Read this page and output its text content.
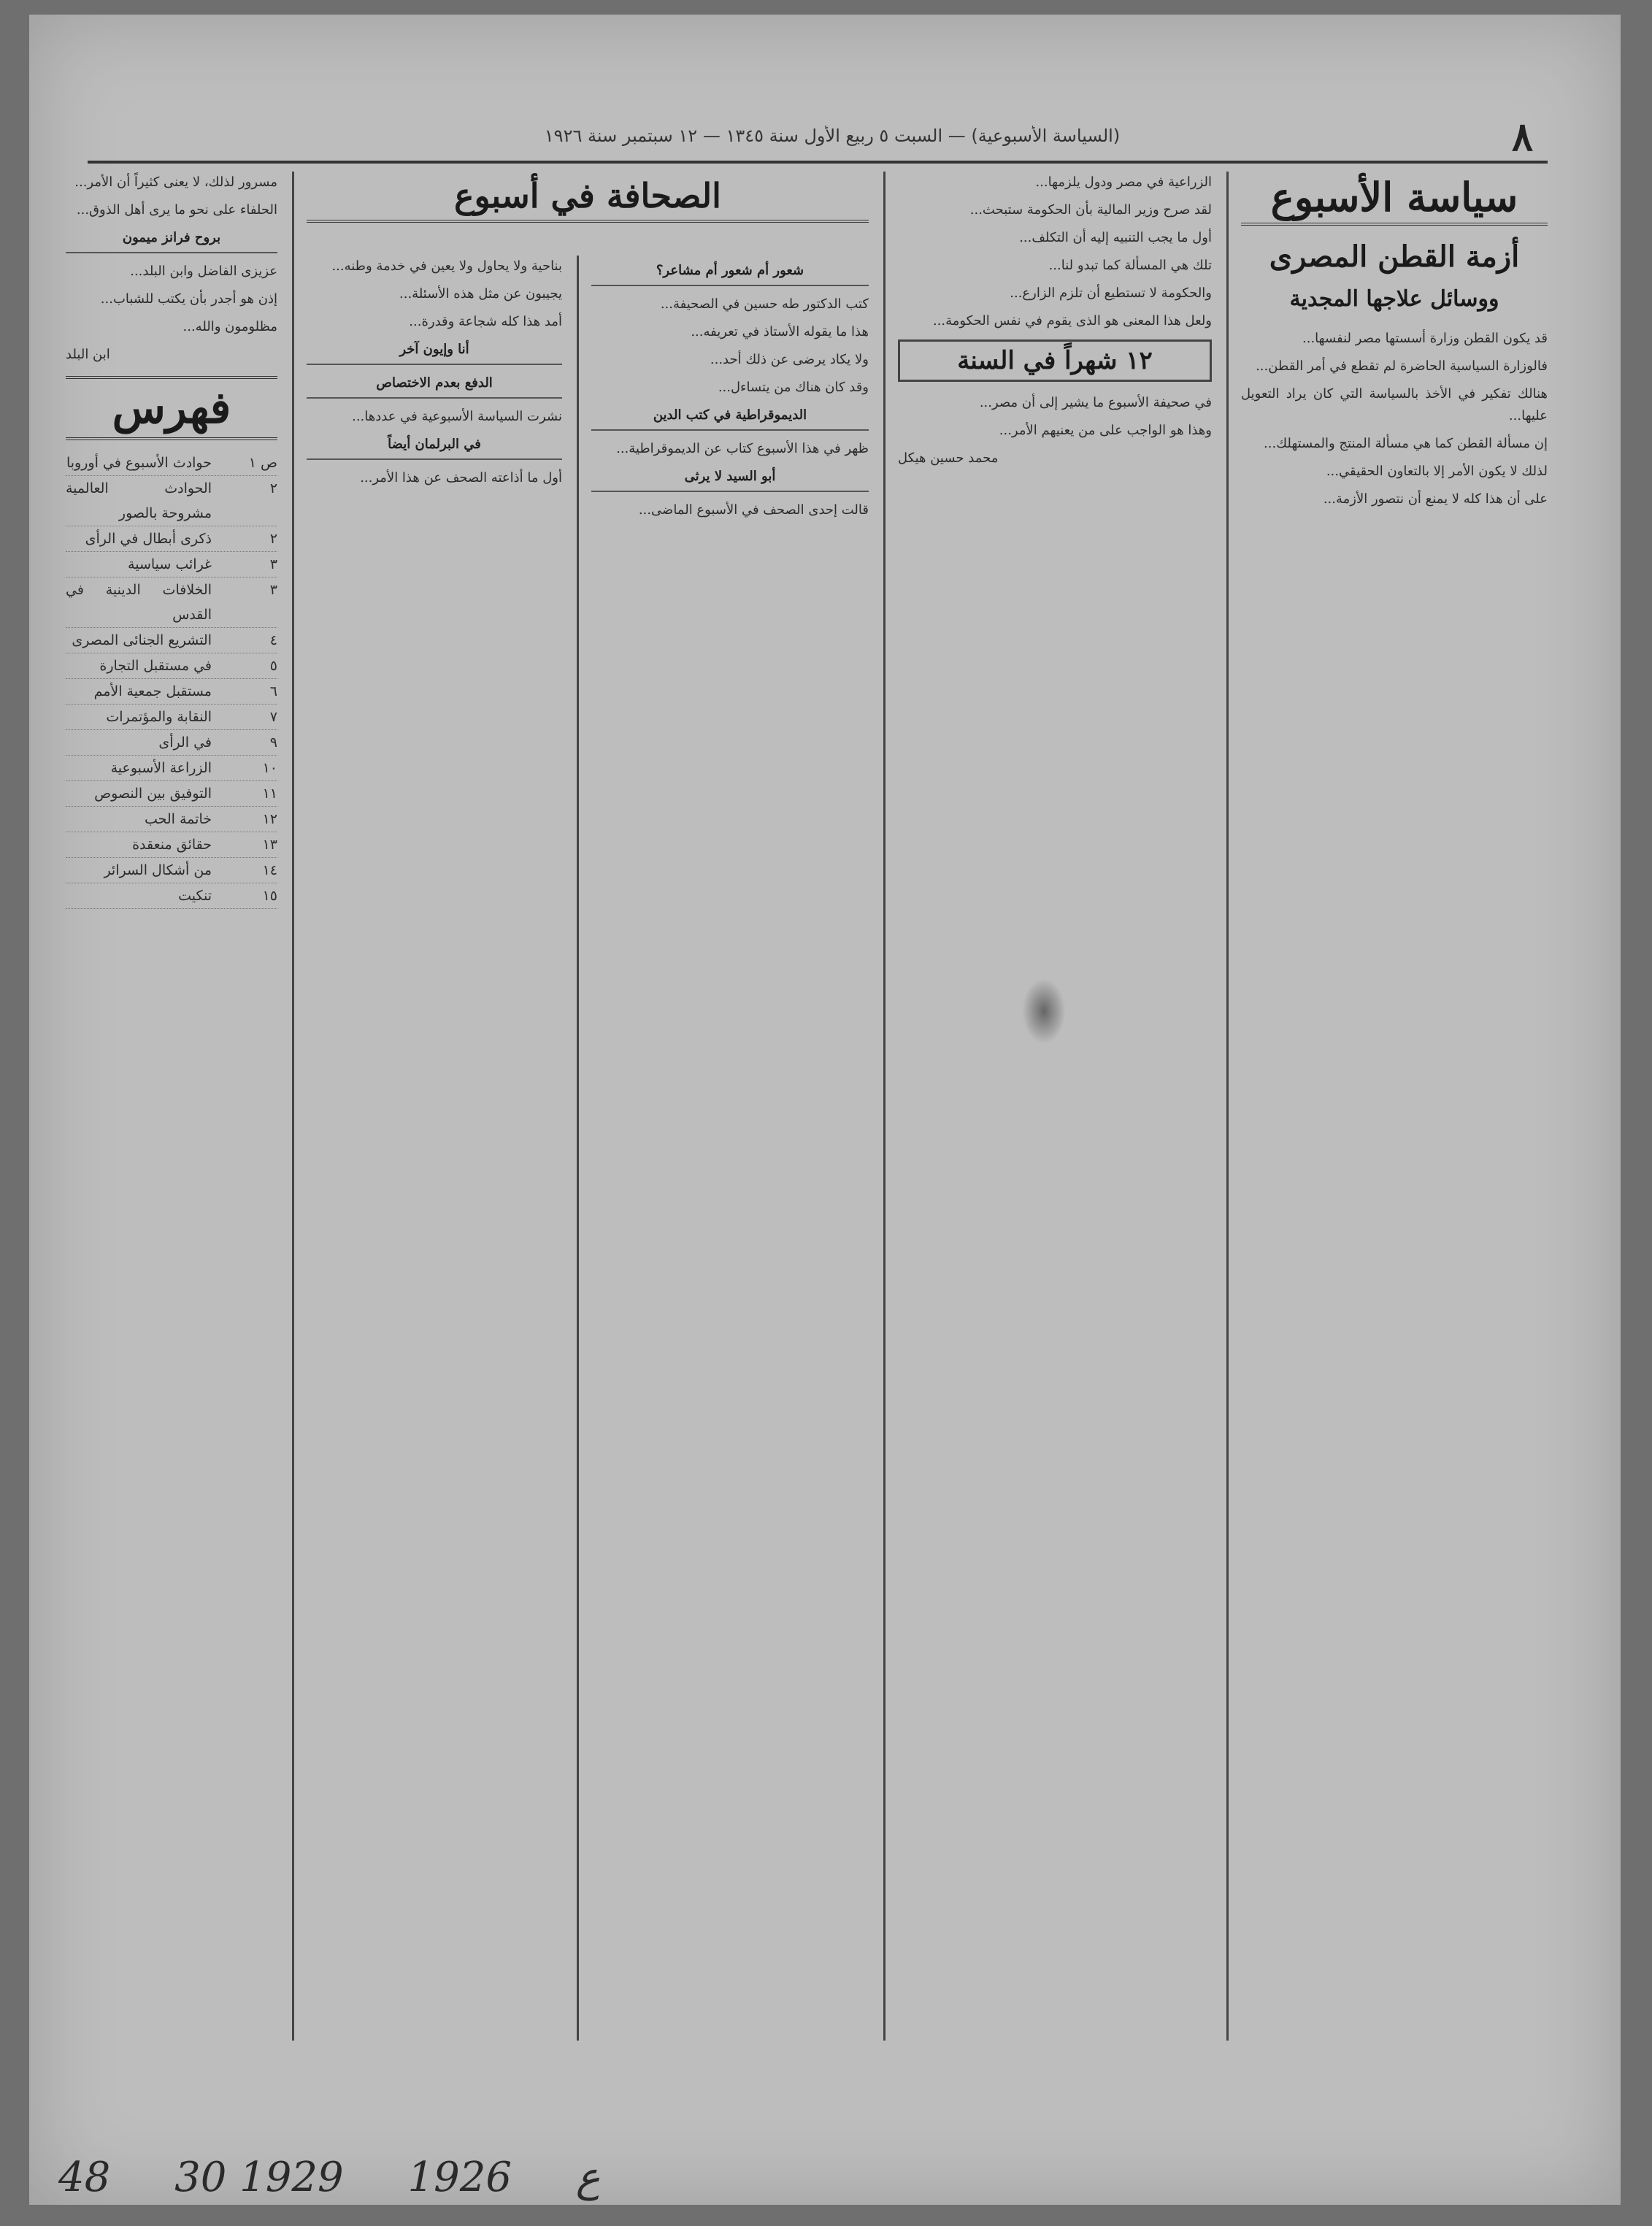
٨
(السياسة الأسبوعية) — السبت ٥ ربيع الأول سنة ١٣٤٥ — ١٢ سبتمبر سنة ١٩٢٦
سياسة الأسبوع
أزمة القطن المصرى
ووسائل علاجها المجدية

قد يكون القطن وزارة أسستها مصر لنفسها...

فالوزارة السياسية الحاضرة لم تقطع في أمر القطن...

هنالك تفكير في الأخذ بالسياسة التي كان يراد التعويل عليها...

إن مسألة القطن كما هي مسألة المنتج والمستهلك...

لذلك لا يكون الأمر إلا بالتعاون الحقيقي...

على أن هذا كله لا يمنع أن نتصور الأزمة...

الزراعية في مصر ودول يلزمها...

لقد صرح وزير المالية بأن الحكومة ستبحث...

أول ما يجب التنبيه إليه أن التكلف...

تلك هي المسألة كما تبدو لنا...

والحكومة لا تستطيع أن تلزم الزارع...

ولعل هذا المعنى هو الذى يقوم في نفس الحكومة...

١٢ شهراً في السنة

في صحيفة الأسبوع ما يشير إلى أن مصر...

وهذا هو الواجب على من يعنيهم الأمر...

محمد حسين هيكل
شعور أم شعور أم مشاعر؟

كتب الدكتور طه حسين في الصحيفة...

هذا ما يقوله الأستاذ في تعريفه...

ولا يكاد يرضى عن ذلك أحد...

وقد كان هناك من يتساءل...

الديموقراطية في كتب الدين

ظهر في هذا الأسبوع كتاب عن الديموقراطية...

أبو السيد لا يرثى

قالت إحدى الصحف في الأسبوع الماضى...

الصحافة في أسبوع

بناحية ولا يحاول ولا يعين في خدمة وطنه...

يجيبون عن مثل هذه الأسئلة...

أمد هذا كله شجاعة وقدرة...

أنا وإيون آخر
الدفع بعدم الاختصاص

نشرت السياسة الأسبوعية في عددها...

في البرلمان أيضاً

أول ما أذاعته الصحف عن هذا الأمر...

مسرور لذلك، لا يعنى كثيراً أن الأمر...

الحلفاء على نحو ما يرى أهل الذوق...

بروح فرانز ميمون

عزيزى الفاضل وابن البلد...

إذن هو أجدر بأن يكتب للشباب...

مظلومون والله...

ابن البلد
فهرس
ص ١
حوادث الأسبوع في أوروبا
٢
الحوادث العالمية مشروحة بالصور
٢
ذكرى أبطال في الرأى
٣
غرائب سياسية
٣
الخلافات الدينية في القدس
٤
التشريع الجنائى المصرى
٥
في مستقبل التجارة
٦
مستقبل جمعية الأمم
٧
النقابة والمؤتمرات
٩
في الرأى
١٠
الزراعة الأسبوعية
١١
التوفيق بين النصوص
١٢
خاتمة الحب
١٣
حقائق منعقدة
١٤
من أشكال السرائر
١٥
تنكيت
48 30 ع 1926 1929
